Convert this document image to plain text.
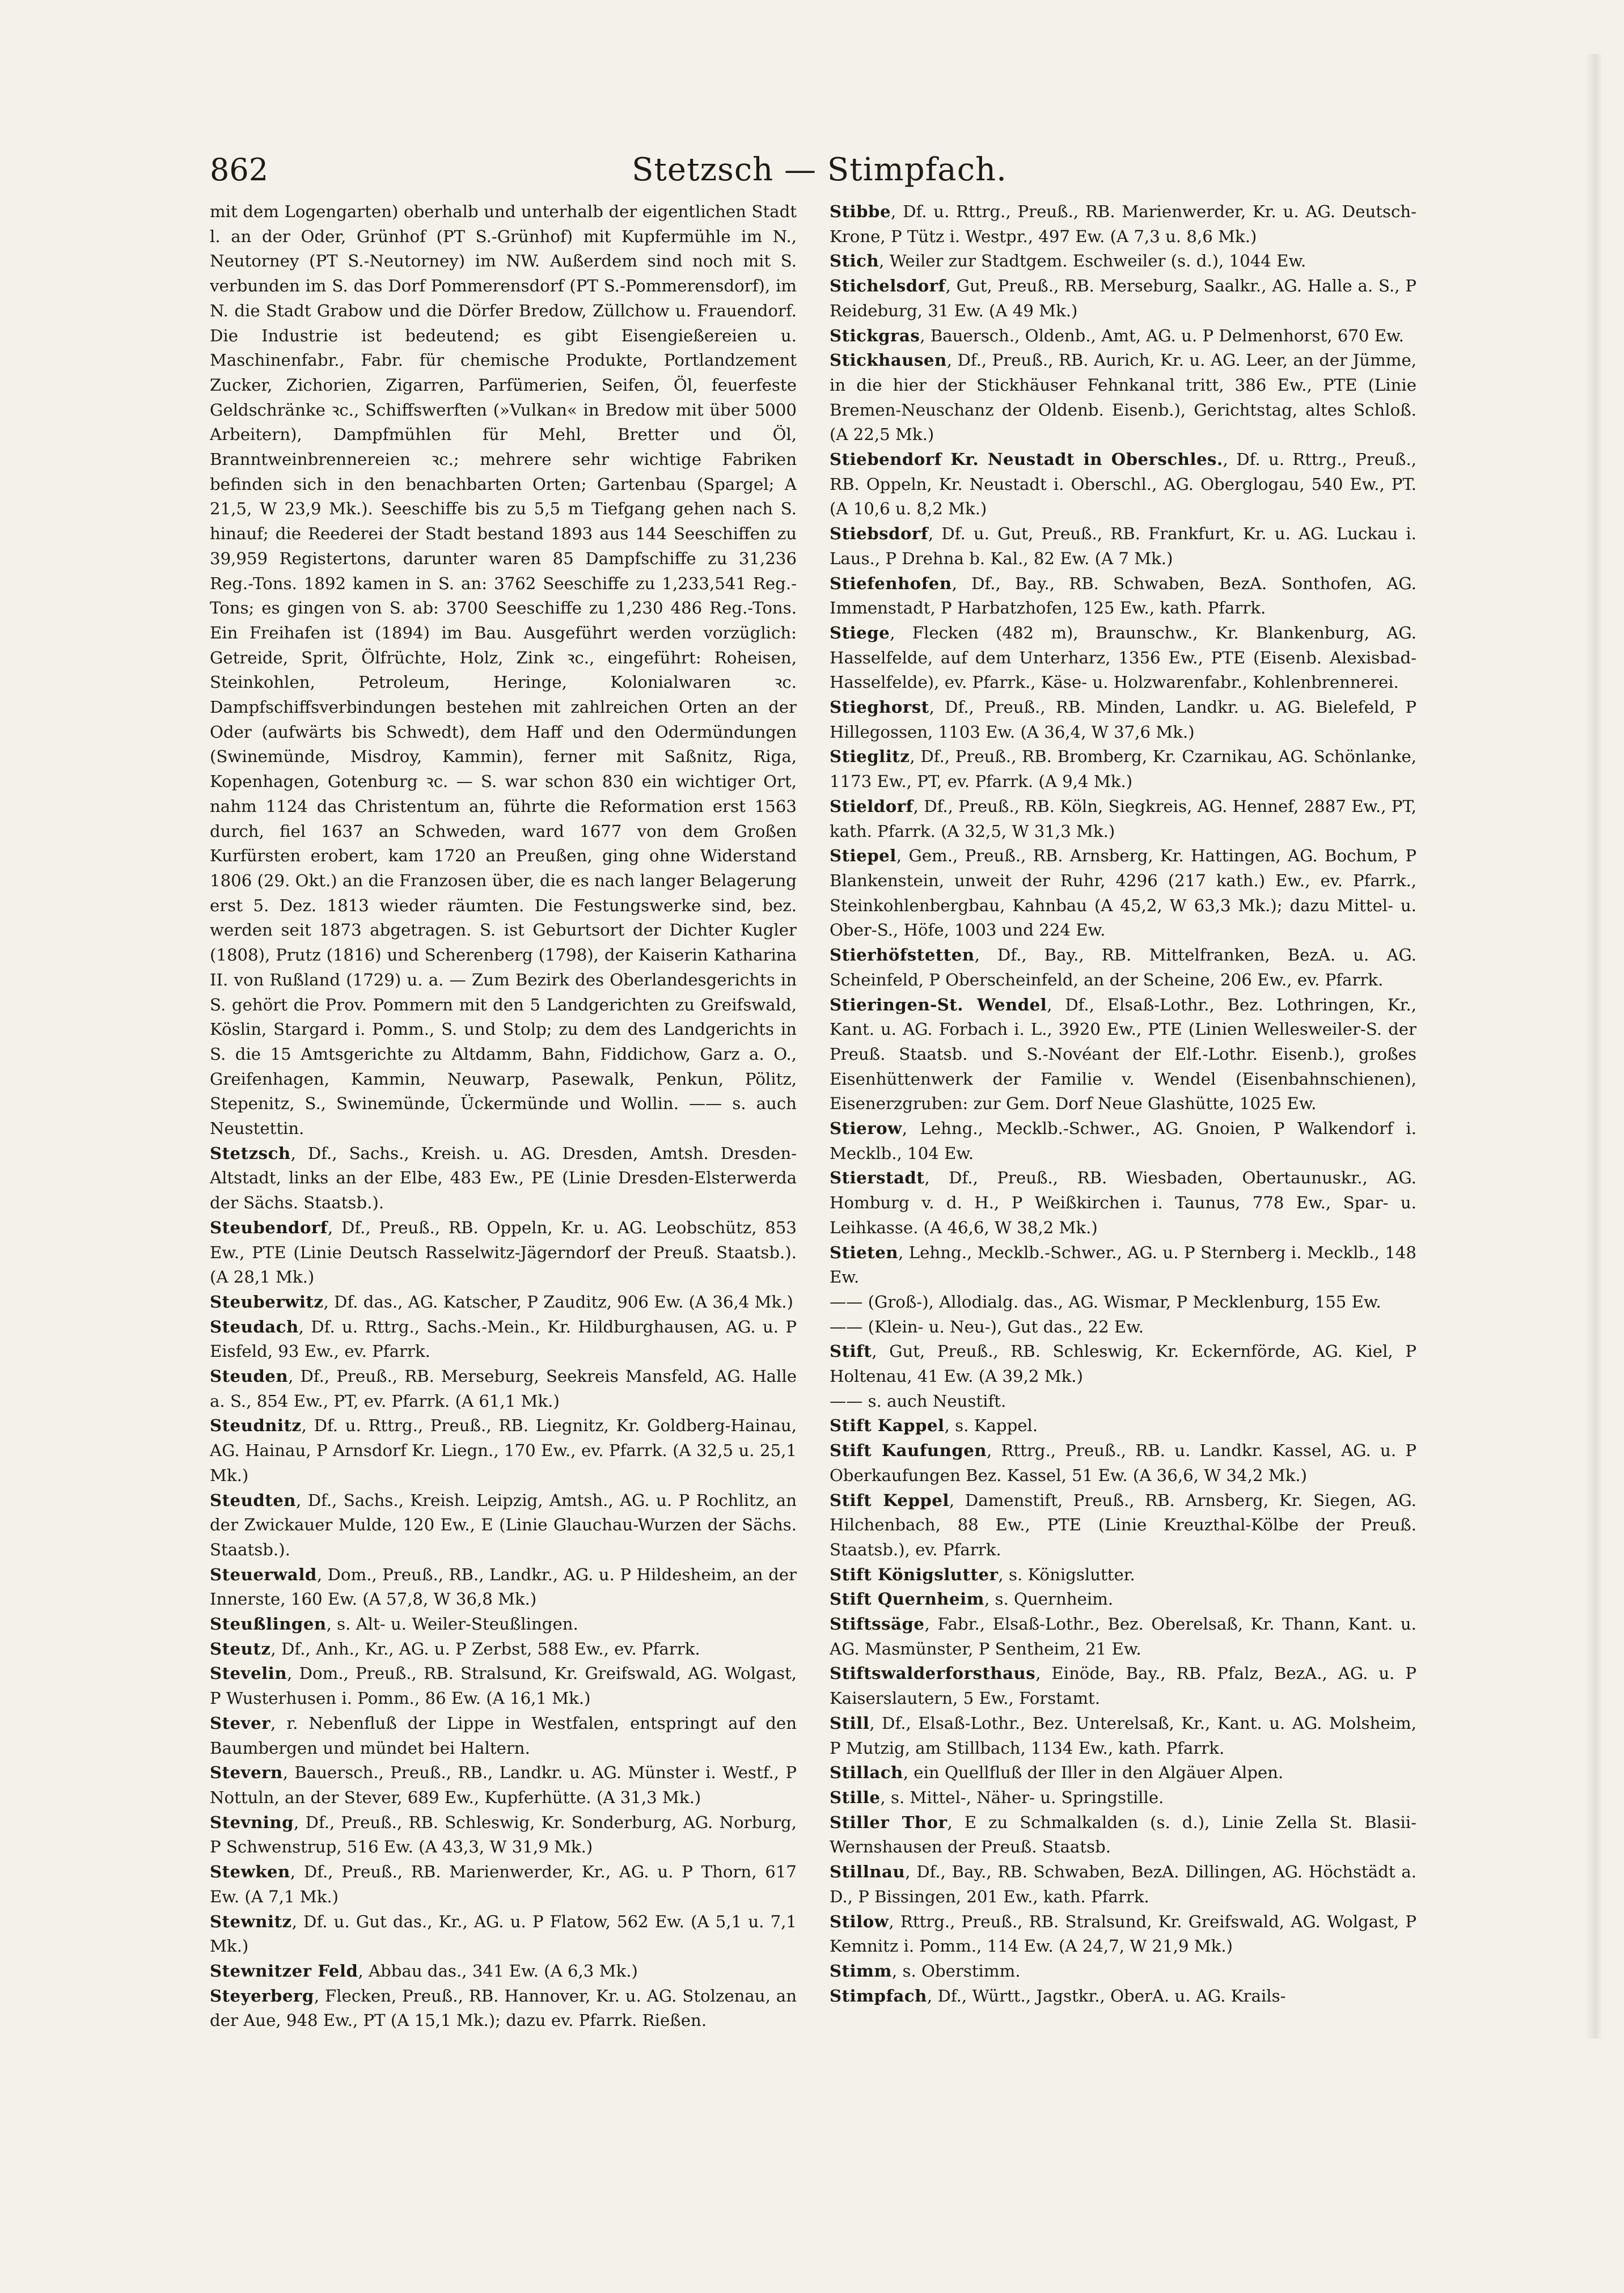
862	Stetzsch — Stimpfach.

mit dem Logengarten) oberhalb und unterhalb der eigentlichen Stadt l. an der Oder, Grünhof (PT S.-Grünhof) mit Kupfermühle im N., Neutorney (PT S.-Neutorney) im NW. Außerdem sind noch mit S. verbunden im S. das Dorf Pommerensdorf (PT S.-Pommerensdorf), im N. die Stadt Grabow und die Dörfer Bredow, Züllchow u. Frauendorf. Die Industrie ist bedeutend; es gibt Eisengießereien u. Maschinenfabr., Fabr. für chemische Produkte, Portlandzement Zucker, Zichorien, Zigarren, Parfümerien, Seifen, Öl, feuerfeste Geldschränke ꝛc., Schiffswerften (»Vulkan« in Bredow mit über 5000 Arbeitern), Dampfmühlen für Mehl, Bretter und Öl, Branntweinbrennereien ꝛc.; mehrere sehr wichtige Fabriken befinden sich in den benachbarten Orten; Gartenbau (Spargel; A 21,5, W 23,9 Mk.). Seeschiffe bis zu 5,5 m Tiefgang gehen nach S. hinauf; die Reederei der Stadt bestand 1893 aus 144 Seeschiffen zu 39,959 Registertons, darunter waren 85 Dampfschiffe zu 31,236 Reg.-Tons. 1892 kamen in S. an: 3762 Seeschiffe zu 1,233,541 Reg.-Tons; es gingen von S. ab: 3700 Seeschiffe zu 1,230 486 Reg.-Tons. Ein Freihafen ist (1894) im Bau. Ausgeführt werden vorzüglich: Getreide, Sprit, Ölfrüchte, Holz, Zink ꝛc., eingeführt: Roheisen, Steinkohlen, Petroleum, Heringe, Kolonialwaren ꝛc. Dampfschiffsverbindungen bestehen mit zahlreichen Orten an der Oder (aufwärts bis Schwedt), dem Haff und den Odermündungen (Swinemünde, Misdroy, Kammin), ferner mit Saßnitz, Riga, Kopenhagen, Gotenburg ꝛc. — S. war schon 830 ein wichtiger Ort, nahm 1124 das Christentum an, führte die Reformation erst 1563 durch, fiel 1637 an Schweden, ward 1677 von dem Großen Kurfürsten erobert, kam 1720 an Preußen, ging ohne Widerstand 1806 (29. Okt.) an die Franzosen über, die es nach langer Belagerung erst 5. Dez. 1813 wieder räumten. Die Festungswerke sind, bez. werden seit 1873 abgetragen. S. ist Geburtsort der Dichter Kugler (1808), Prutz (1816) und Scherenberg (1798), der Kaiserin Katharina II. von Rußland (1729) u. a. — Zum Bezirk des Oberlandesgerichts in S. gehört die Prov. Pommern mit den 5 Landgerichten zu Greifswald, Köslin, Stargard i. Pomm., S. und Stolp; zu dem des Landgerichts in S. die 15 Amtsgerichte zu Altdamm, Bahn, Fiddichow, Garz a. O., Greifenhagen, Kammin, Neuwarp, Pasewalk, Penkun, Pölitz, Stepenitz, S., Swinemünde, Ückermünde und Wollin. —— s. auch Neustettin.

Stetzsch, Df., Sachs., Kreish. u. AG. Dresden, Amtsh. Dresden-Altstadt, links an der Elbe, 483 Ew., PE (Linie Dresden-Elsterwerda der Sächs. Staatsb.).

Steubendorf, Df., Preuß., RB. Oppeln, Kr. u. AG. Leobschütz, 853 Ew., PTE (Linie Deutsch Rasselwitz-Jägerndorf der Preuß. Staatsb.). (A 28,1 Mk.)

Steuberwitz, Df. das., AG. Katscher, P Zauditz, 906 Ew. (A 36,4 Mk.)

Steudach, Df. u. Rttrg., Sachs.-Mein., Kr. Hildburghausen, AG. u. P Eisfeld, 93 Ew., ev. Pfarrk.

Steuden, Df., Preuß., RB. Merseburg, Seekreis Mansfeld, AG. Halle a. S., 854 Ew., PT, ev. Pfarrk. (A 61,1 Mk.)

Steudnitz, Df. u. Rttrg., Preuß., RB. Liegnitz, Kr. Goldberg-Hainau, AG. Hainau, P Arnsdorf Kr. Liegn., 170 Ew., ev. Pfarrk. (A 32,5 u. 25,1 Mk.)

Steudten, Df., Sachs., Kreish. Leipzig, Amtsh., AG. u. P Rochlitz, an der Zwickauer Mulde, 120 Ew., E (Linie Glauchau-Wurzen der Sächs. Staatsb.).

Steuerwald, Dom., Preuß., RB., Landkr., AG. u. P Hildesheim, an der Innerste, 160 Ew. (A 57,8, W 36,8 Mk.)

Steußlingen, s. Alt- u. Weiler-Steußlingen.

Steutz, Df., Anh., Kr., AG. u. P Zerbst, 588 Ew., ev. Pfarrk.

Stevelin, Dom., Preuß., RB. Stralsund, Kr. Greifswald, AG. Wolgast, P Wusterhusen i. Pomm., 86 Ew. (A 16,1 Mk.)

Stever, r. Nebenfluß der Lippe in Westfalen, entspringt auf den Baumbergen und mündet bei Haltern.

Stevern, Bauersch., Preuß., RB., Landkr. u. AG. Münster i. Westf., P Nottuln, an der Stever, 689 Ew., Kupferhütte. (A 31,3 Mk.)

Stevning, Df., Preuß., RB. Schleswig, Kr. Sonderburg, AG. Norburg, P Schwenstrup, 516 Ew. (A 43,3, W 31,9 Mk.)

Stewken, Df., Preuß., RB. Marienwerder, Kr., AG. u. P Thorn, 617 Ew. (A 7,1 Mk.)

Stewnitz, Df. u. Gut das., Kr., AG. u. P Flatow, 562 Ew. (A 5,1 u. 7,1 Mk.)

Stewnitzer Feld, Abbau das., 341 Ew. (A 6,3 Mk.)

Steyerberg, Flecken, Preuß., RB. Hannover, Kr. u. AG. Stolzenau, an der Aue, 948 Ew., PT (A 15,1 Mk.); dazu ev. Pfarrk. Rießen.

Stibbe, Df. u. Rttrg., Preuß., RB. Marienwerder, Kr. u. AG. Deutsch-Krone, P Tütz i. Westpr., 497 Ew. (A 7,3 u. 8,6 Mk.)

Stich, Weiler zur Stadtgem. Eschweiler (s. d.), 1044 Ew.

Stichelsdorf, Gut, Preuß., RB. Merseburg, Saalkr., AG. Halle a. S., P Reideburg, 31 Ew. (A 49 Mk.)

Stickgras, Bauersch., Oldenb., Amt, AG. u. P Delmenhorst, 670 Ew.

Stickhausen, Df., Preuß., RB. Aurich, Kr. u. AG. Leer, an der Jümme, in die hier der Stickhäuser Fehnkanal tritt, 386 Ew., PTE (Linie Bremen-Neuschanz der Oldenb. Eisenb.), Gerichtstag, altes Schloß. (A 22,5 Mk.)

Stiebendorf Kr. Neustadt in Oberschles., Df. u. Rttrg., Preuß., RB. Oppeln, Kr. Neustadt i. Oberschl., AG. Oberglogau, 540 Ew., PT. (A 10,6 u. 8,2 Mk.)

Stiebsdorf, Df. u. Gut, Preuß., RB. Frankfurt, Kr. u. AG. Luckau i. Laus., P Drehna b. Kal., 82 Ew. (A 7 Mk.)

Stiefenhofen, Df., Bay., RB. Schwaben, BezA. Sonthofen, AG. Immenstadt, P Harbatzhofen, 125 Ew., kath. Pfarrk.

Stiege, Flecken (482 m), Braunschw., Kr. Blankenburg, AG. Hasselfelde, auf dem Unterharz, 1356 Ew., PTE (Eisenb. Alexisbad-Hasselfelde), ev. Pfarrk., Käse- u. Holzwarenfabr., Kohlenbrennerei.

Stieghorst, Df., Preuß., RB. Minden, Landkr. u. AG. Bielefeld, P Hillegossen, 1103 Ew. (A 36,4, W 37,6 Mk.)

Stieglitz, Df., Preuß., RB. Bromberg, Kr. Czarnikau, AG. Schönlanke, 1173 Ew., PT, ev. Pfarrk. (A 9,4 Mk.)

Stieldorf, Df., Preuß., RB. Köln, Siegkreis, AG. Hennef, 2887 Ew., PT, kath. Pfarrk. (A 32,5, W 31,3 Mk.)

Stiepel, Gem., Preuß., RB. Arnsberg, Kr. Hattingen, AG. Bochum, P Blankenstein, unweit der Ruhr, 4296 (217 kath.) Ew., ev. Pfarrk., Steinkohlenbergbau, Kahnbau (A 45,2, W 63,3 Mk.); dazu Mittel- u. Ober-S., Höfe, 1003 und 224 Ew.

Stierhöfstetten, Df., Bay., RB. Mittelfranken, BezA. u. AG. Scheinfeld, P Oberscheinfeld, an der Scheine, 206 Ew., ev. Pfarrk.

Stieringen-St. Wendel, Df., Elsaß-Lothr., Bez. Lothringen, Kr., Kant. u. AG. Forbach i. L., 3920 Ew., PTE (Linien Wellesweiler-S. der Preuß. Staatsb. und S.-Novéant der Elf.-Lothr. Eisenb.), großes Eisenhüttenwerk der Familie v. Wendel (Eisenbahnschienen), Eisenerzgruben: zur Gem. Dorf Neue Glashütte, 1025 Ew.

Stierow, Lehng., Mecklb.-Schwer., AG. Gnoien, P Walkendorf i. Mecklb., 104 Ew.

Stierstadt, Df., Preuß., RB. Wiesbaden, Obertaunuskr., AG. Homburg v. d. H., P Weißkirchen i. Taunus, 778 Ew., Spar- u. Leihkasse. (A 46,6, W 38,2 Mk.)

Stieten, Lehng., Mecklb.-Schwer., AG. u. P Sternberg i. Mecklb., 148 Ew.

—— (Groß-), Allodialg. das., AG. Wismar, P Mecklenburg, 155 Ew.

—— (Klein- u. Neu-), Gut das., 22 Ew.

Stift, Gut, Preuß., RB. Schleswig, Kr. Eckernförde, AG. Kiel, P Holtenau, 41 Ew. (A 39,2 Mk.)

—— s. auch Neustift.

Stift Kappel, s. Kappel.

Stift Kaufungen, Rttrg., Preuß., RB. u. Landkr. Kassel, AG. u. P Oberkaufungen Bez. Kassel, 51 Ew. (A 36,6, W 34,2 Mk.)

Stift Keppel, Damenstift, Preuß., RB. Arnsberg, Kr. Siegen, AG. Hilchenbach, 88 Ew., PTE (Linie Kreuzthal-Kölbe der Preuß. Staatsb.), ev. Pfarrk.

Stift Königslutter, s. Königslutter.

Stift Quernheim, s. Quernheim.

Stiftssäge, Fabr., Elsaß-Lothr., Bez. Oberelsaß, Kr. Thann, Kant. u. AG. Masmünster, P Sentheim, 21 Ew.

Stiftswalderforsthaus, Einöde, Bay., RB. Pfalz, BezA., AG. u. P Kaiserslautern, 5 Ew., Forstamt.

Still, Df., Elsaß-Lothr., Bez. Unterelsaß, Kr., Kant. u. AG. Molsheim, P Mutzig, am Stillbach, 1134 Ew., kath. Pfarrk.

Stillach, ein Quellfluß der Iller in den Algäuer Alpen.

Stille, s. Mittel-, Näher- u. Springstille.

Stiller Thor, E zu Schmalkalden (s. d.), Linie Zella St. Blasii-Wernshausen der Preuß. Staatsb.

Stillnau, Df., Bay., RB. Schwaben, BezA. Dillingen, AG. Höchstädt a. D., P Bissingen, 201 Ew., kath. Pfarrk.

Stilow, Rttrg., Preuß., RB. Stralsund, Kr. Greifswald, AG. Wolgast, P Kemnitz i. Pomm., 114 Ew. (A 24,7, W 21,9 Mk.)

Stimm, s. Oberstimm.

Stimpfach, Df., Württ., Jagstkr., OberA. u. AG. Krails-
